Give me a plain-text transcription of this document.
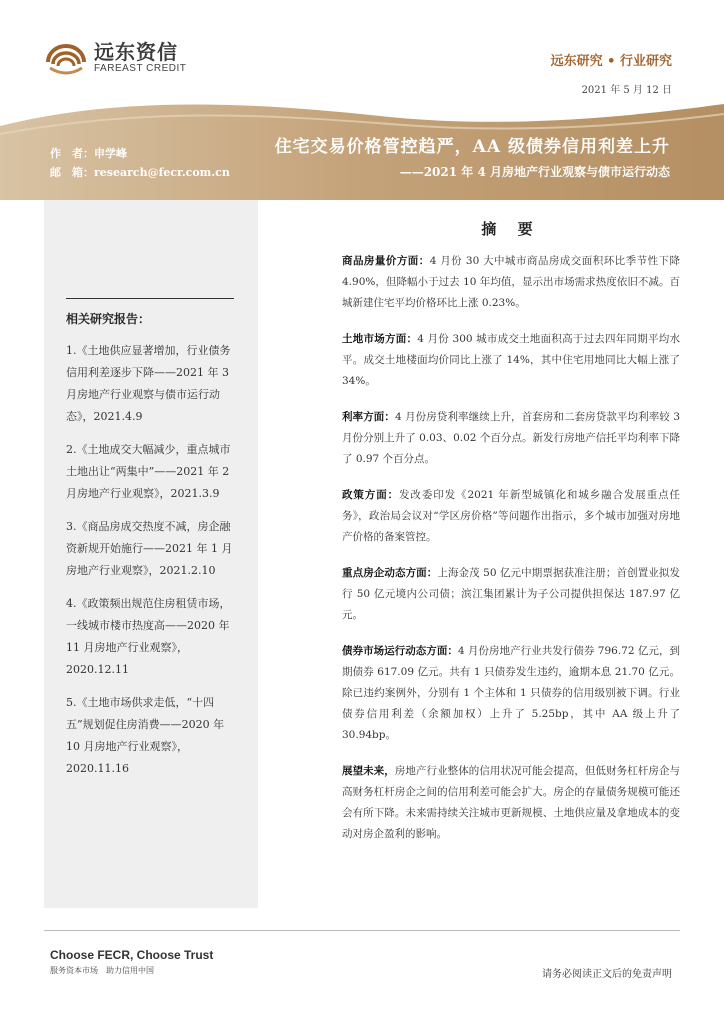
远东资信
FAREAST CREDIT	远东研究 • 行业研究
2021 年 5 月 12 日
住宅交易价格管控趋严，AA 级债券信用利差上升
——2021 年 4 月房地产行业观察与债市运行动态
作　者：申学峰
邮　箱：research@fecr.com.cn
相关研究报告：
1.《土地供应显著增加，行业债务信用利差逐步下降——2021 年 3 月房地产行业观察与债市运行动态》，2021.4.9
2.《土地成交大幅减少，重点城市土地出让“两集中”——2021 年 2 月房地产行业观察》，2021.3.9
3.《商品房成交热度不减，房企融资新规开始施行——2021 年 1 月房地产行业观察》，2021.2.10
4.《政策频出规范住房租赁市场，一线城市楼市热度高——2020 年 11 月房地产行业观察》，2020.12.11
5.《土地市场供求走低，“十四五”规划促住房消费——2020 年 10 月房地产行业观察》，2020.11.16
摘 要

商品房量价方面：4 月份 30 大中城市商品房成交面积环比季节性下降 4.90%，但降幅小于过去 10 年均值，显示出市场需求热度依旧不减。百城新建住宅平均价格环比上涨 0.23%。

土地市场方面：4 月份 300 城市成交土地面积高于过去四年同期平均水平。成交土地楼面均价同比上涨了 14%，其中住宅用地同比大幅上涨了 34%。

利率方面：4 月份房贷利率继续上升，首套房和二套房贷款平均利率较 3 月份分别上升了 0.03、0.02 个百分点。新发行房地产信托平均利率下降了 0.97 个百分点。

政策方面：发改委印发《2021 年新型城镇化和城乡融合发展重点任务》，政治局会议对“学区房价格”等问题作出指示，多个城市加强对房地产价格的备案管控。

重点房企动态方面：上海金茂 50 亿元中期票据获准注册；首创置业拟发行 50 亿元境内公司债；滨江集团累计为子公司提供担保达 187.97 亿元。

债券市场运行动态方面：4 月份房地产行业共发行债券 796.72 亿元，到期债券 617.09 亿元。共有 1 只债券发生违约，逾期本息 21.70 亿元。除已违约案例外，分别有 1 个主体和 1 只债券的信用级别被下调。行业债券信用利差（余额加权）上升了 5.25bp，其中 AA 级上升了 30.94bp。

展望未来，房地产行业整体的信用状况可能会提高，但低财务杠杆房企与高财务杠杆房企之间的信用利差可能会扩大。房企的存量债务规模可能还会有所下降。未来需持续关注城市更新规模、土地供应量及拿地成本的变动对房企盈利的影响。

Choose FECR, Choose Trust
服务资本市场　助力信用中国	请务必阅读正文后的免责声明
